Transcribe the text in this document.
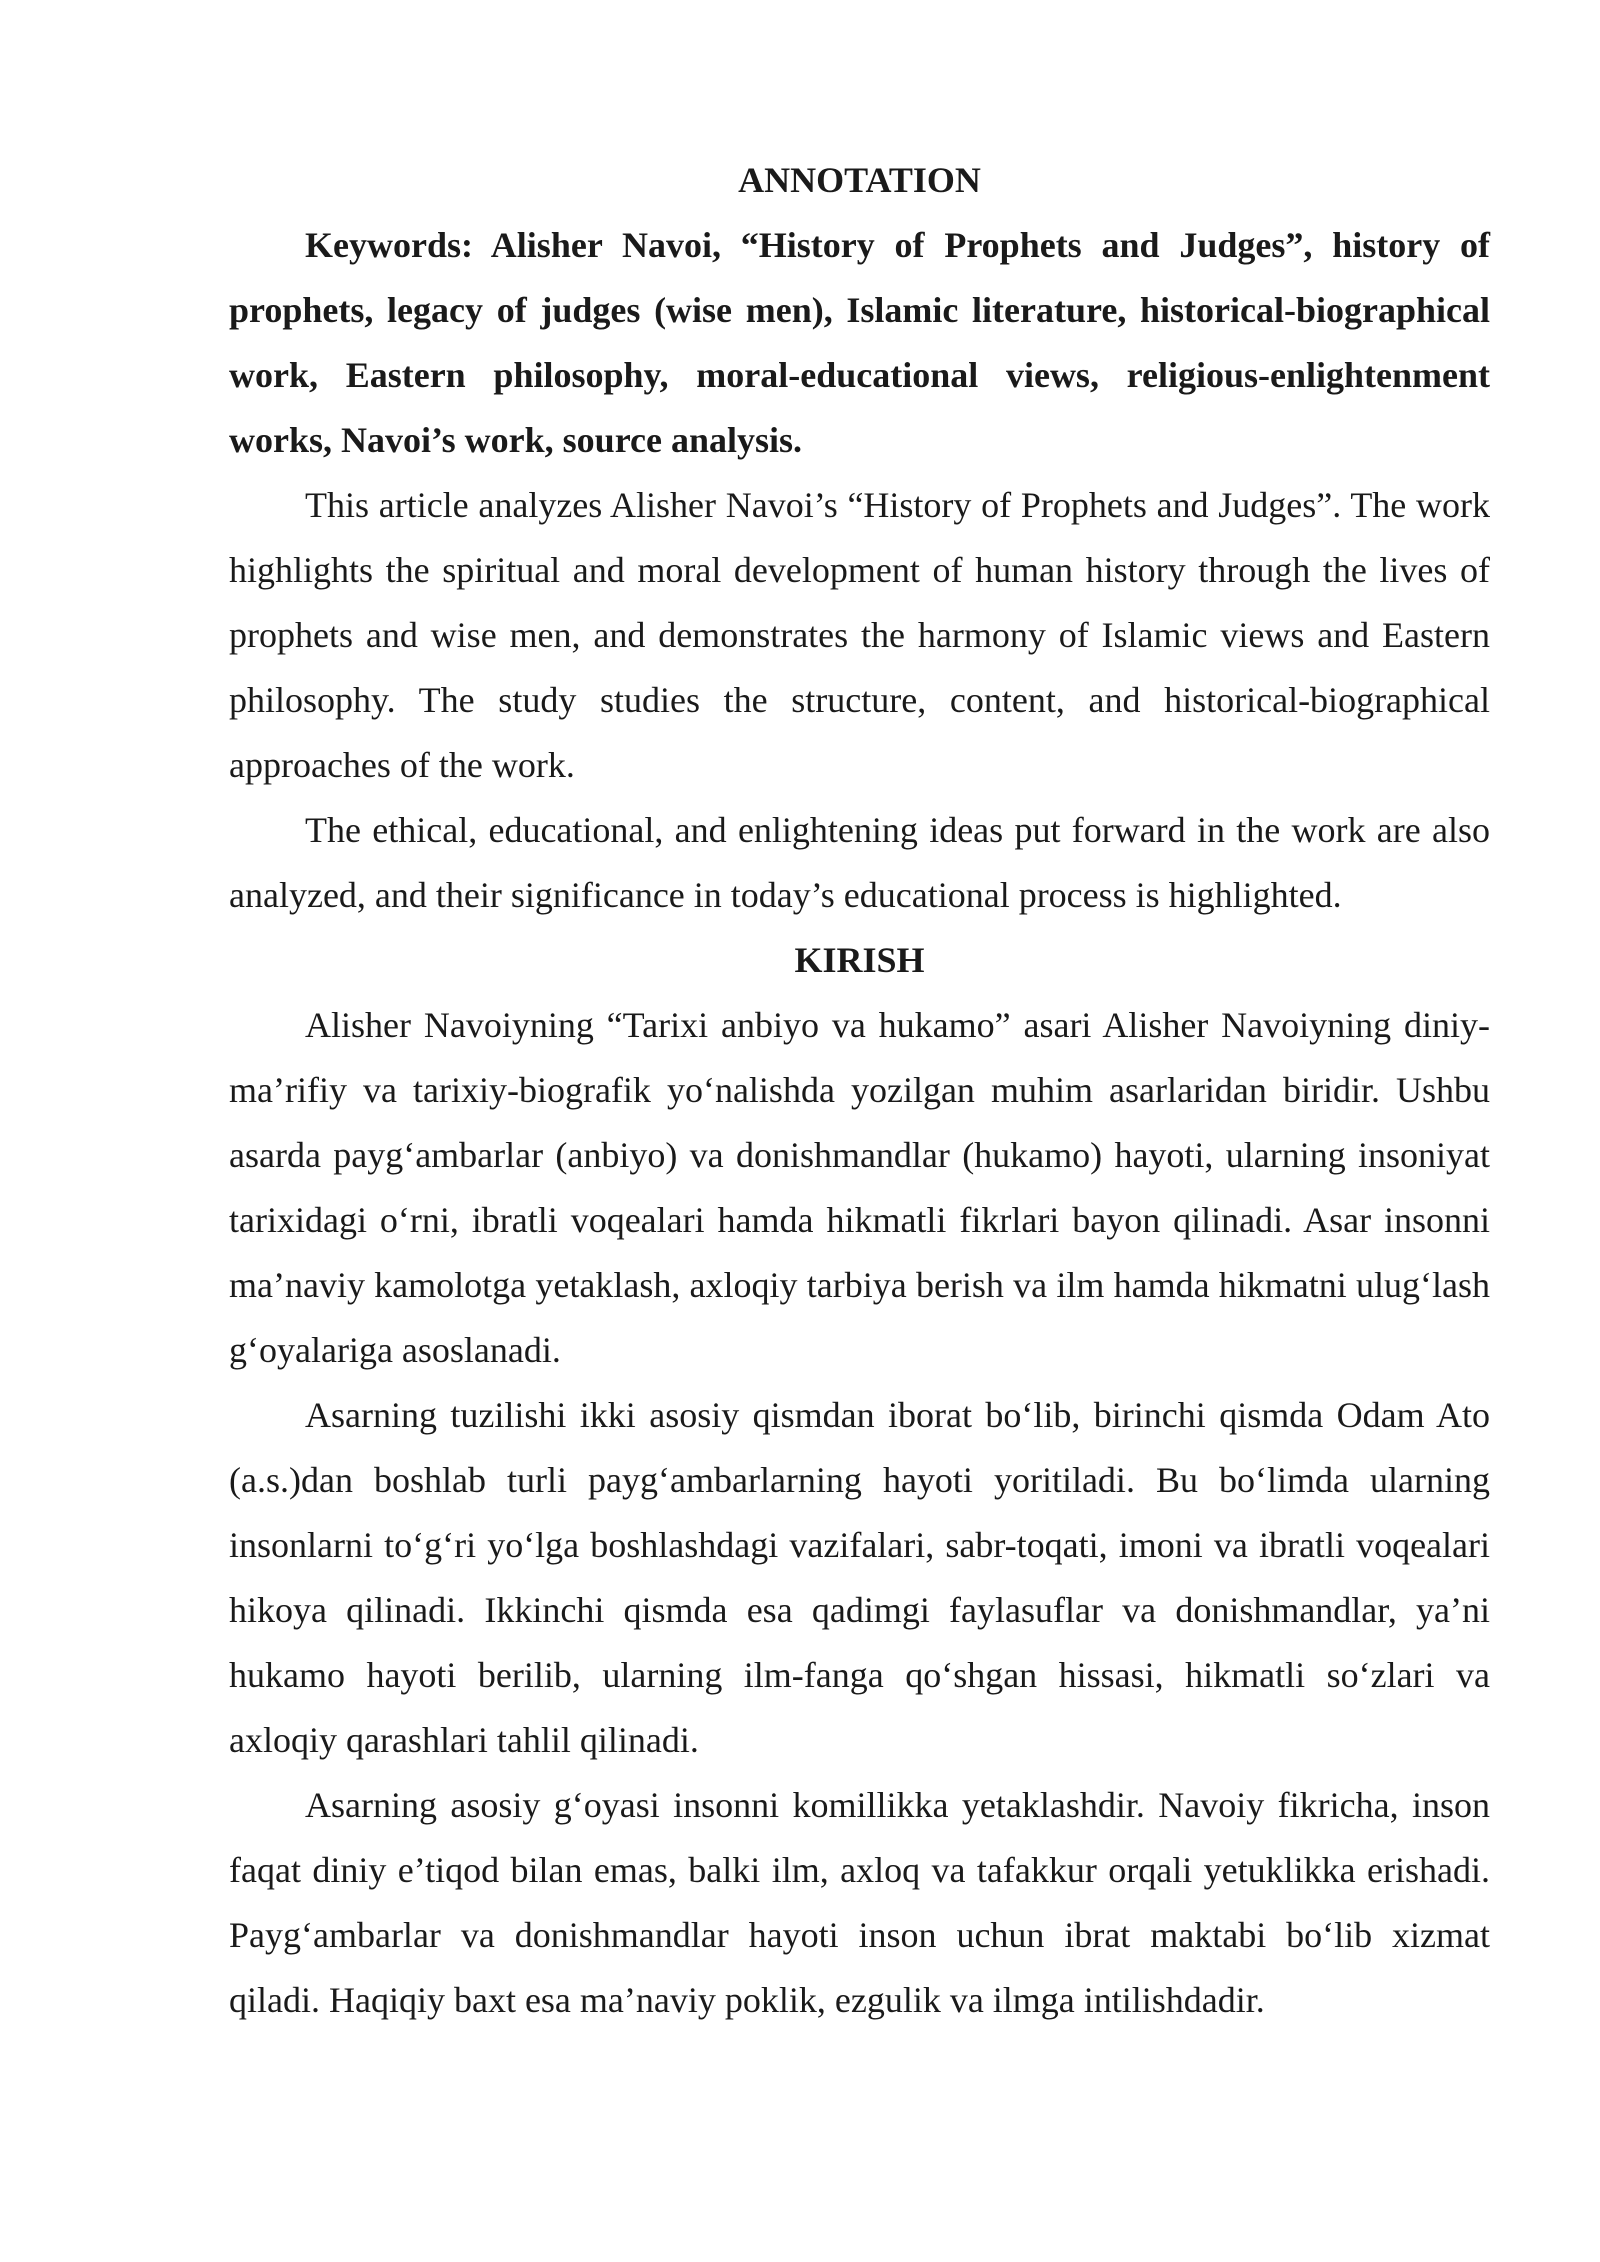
ANNOTATION

Keywords: Alisher Navoi, “History of Prophets and Judges”, history of prophets, legacy of judges (wise men), Islamic literature, historical-biographical work, Eastern philosophy, moral-educational views, religious-enlightenment works, Navoi’s work, source analysis.

This article analyzes Alisher Navoi’s “History of Prophets and Judges”. The work highlights the spiritual and moral development of human history through the lives of prophets and wise men, and demonstrates the harmony of Islamic views and Eastern philosophy. The study studies the structure, content, and historical-biographical approaches of the work.

The ethical, educational, and enlightening ideas put forward in the work are also analyzed, and their significance in today’s educational process is highlighted.

KIRISH

Alisher Navoiyning “Tarixi anbiyo va hukamo” asari Alisher Navoiyning diniy-ma’rifiy va tarixiy-biografik yo‘nalishda yozilgan muhim asarlaridan biridir. Ushbu asarda payg‘ambarlar (anbiyo) va donishmandlar (hukamo) hayoti, ularning insoniyat tarixidagi o‘rni, ibratli voqealari hamda hikmatli fikrlari bayon qilinadi. Asar insonni ma’naviy kamolotga yetaklash, axloqiy tarbiya berish va ilm hamda hikmatni ulug‘lash g‘oyalariga asoslanadi.

Asarning tuzilishi ikki asosiy qismdan iborat bo‘lib, birinchi qismda Odam Ato (a.s.)dan boshlab turli payg‘ambarlarning hayoti yoritiladi. Bu bo‘limda ularning insonlarni to‘g‘ri yo‘lga boshlashdagi vazifalari, sabr-toqati, imoni va ibratli voqealari hikoya qilinadi. Ikkinchi qismda esa qadimgi faylasuflar va donishmandlar, ya’ni hukamo hayoti berilib, ularning ilm-fanga qo‘shgan hissasi, hikmatli so‘zlari va axloqiy qarashlari tahlil qilinadi.

Asarning asosiy g‘oyasi insonni komillikka yetaklashdir. Navoiy fikricha, inson faqat diniy e’tiqod bilan emas, balki ilm, axloq va tafakkur orqali yetuklikka erishadi. Payg‘ambarlar va donishmandlar hayoti inson uchun ibrat maktabi bo‘lib xizmat qiladi. Haqiqiy baxt esa ma’naviy poklik, ezgulik va ilmga intilishdadir.
